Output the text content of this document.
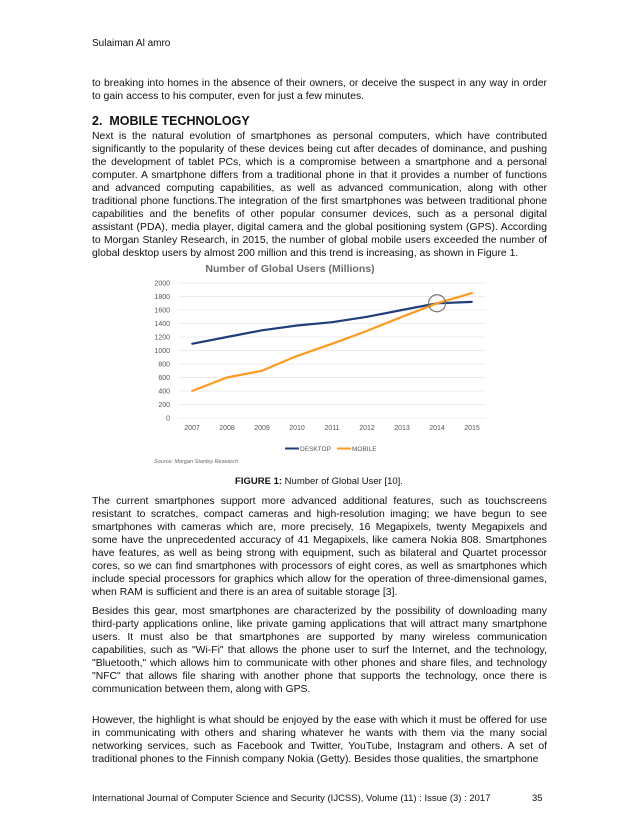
Sulaiman Al amro

to breaking into homes in the absence of their owners, or deceive the suspect in any way in order to gain access to his computer, even for just a few minutes.

2. MOBILE TECHNOLOGY

Next is the natural evolution of smartphones as personal computers, which have contributed significantly to the popularity of these devices being cut after decades of dominance, and pushing the development of tablet PCs, which is a compromise between a smartphone and a personal computer. A smartphone differs from a traditional phone in that it provides a number of functions and advanced computing capabilities, as well as advanced communication, along with other traditional phone functions.The integration of the first smartphones was between traditional phone capabilities and the benefits of other popular consumer devices, such as a personal digital assistant (PDA), media player, digital camera and the global positioning system (GPS). According to Morgan Stanley Research, in 2015, the number of global mobile users exceeded the number of global desktop users by almost 200 million and this trend is increasing, as shown in Figure 1.

Number of Global Users (Millions)
0
200
400
600
800
1000
1200
1400
1600
1800
2000
2007	2008	2009	2010	2011	2012	2013	2014	2015
DESKTOP	MOBILE
Source: Morgan Stanley Research
FIGURE 1: Number of Global User [10].

The current smartphones support more advanced additional features, such as touchscreens resistant to scratches, compact cameras and high-resolution imaging; we have begun to see smartphones with cameras which are, more precisely, 16 Megapixels, twenty Megapixels and some have the unprecedented accuracy of 41 Megapixels, like camera Nokia 808. Smartphones have features, as well as being strong with equipment, such as bilateral and Quartet processor cores, so we can find smartphones with processors of eight cores, as well as smartphones which include special processors for graphics which allow for the operation of three-dimensional games, when RAM is sufficient and there is an area of suitable storage [3].

Besides this gear, most smartphones are characterized by the possibility of downloading many third-party applications online, like private gaming applications that will attract many smartphone users. It must also be that smartphones are supported by many wireless communication capabilities, such as "Wi-Fi" that allows the phone user to surf the Internet, and the technology, "Bluetooth," which allows him to communicate with other phones and share files, and technology "NFC" that allows file sharing with another phone that supports the technology, once there is communication between them, along with GPS.

However, the highlight is what should be enjoyed by the ease with which it must be offered for use in communicating with others and sharing whatever he wants with them via the many social networking services, such as Facebook and Twitter, YouTube, Instagram and others. A set of traditional phones to the Finnish company Nokia (Getty). Besides those qualities, the smartphone

International Journal of Computer Science and Security (IJCSS), Volume (11) : Issue (3) : 2017	35
